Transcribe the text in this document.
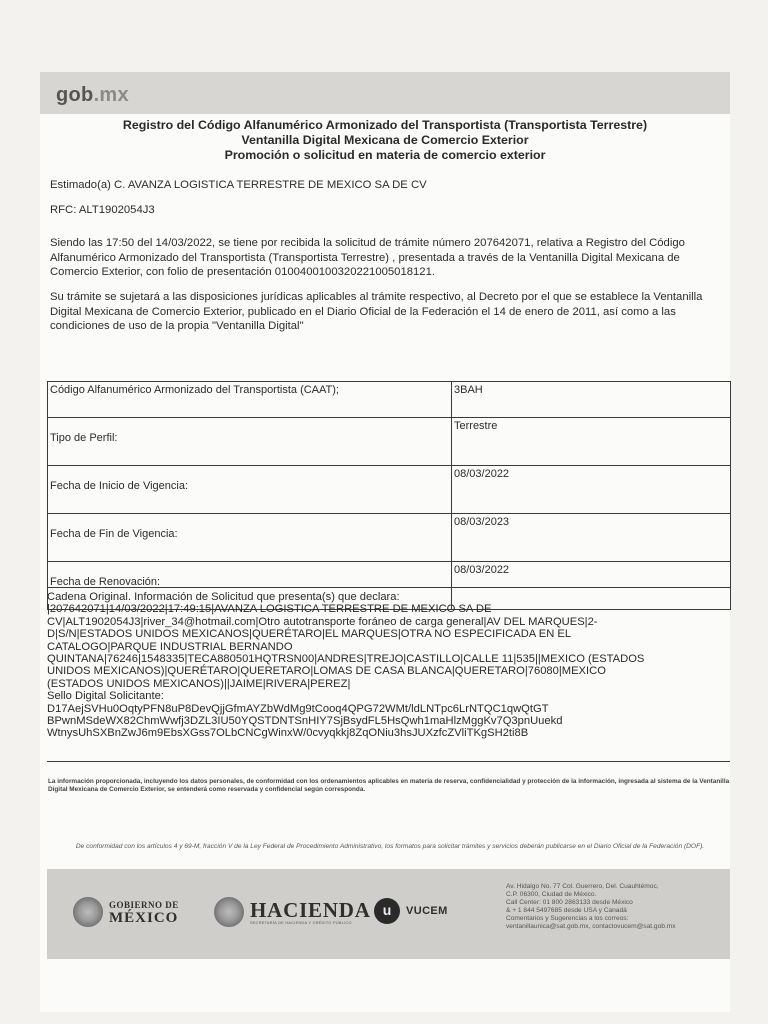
gob.mx
Registro del Código Alfanumérico Armonizado del Transportista (Transportista Terrestre)
Ventanilla Digital Mexicana de Comercio Exterior
Promoción o solicitud en materia de comercio exterior
Estimado(a) C. AVANZA LOGISTICA TERRESTRE DE MEXICO SA DE CV
RFC: ALT1902054J3
Siendo las 17:50 del 14/03/2022, se tiene por recibida la solicitud de trámite número 207642071, relativa a Registro del Código Alfanumérico Armonizado del Transportista (Transportista Terrestre) , presentada a través de la Ventanilla Digital Mexicana de Comercio Exterior, con folio de presentación 0100400100320221005018121.
Su trámite se sujetará a las disposiciones jurídicas aplicables al trámite respectivo, al Decreto por el que se establece la Ventanilla Digital Mexicana de Comercio Exterior, publicado en el Diario Oficial de la Federación el 14 de enero de 2011, así como a las condiciones de uso de la propia "Ventanilla Digital"
Código Alfanumérico Armonizado del Transportista (CAAT);	3BAH
Tipo de Perfil:	Terrestre
Fecha de Inicio de Vigencia:	08/03/2022
Fecha de Fin de Vigencia:	08/03/2023
Fecha de Renovación:	08/03/2022
Cadena Original. Información de Solicitud que presenta(s) que declara:
|207642071|14/03/2022|17:49:15|AVANZA LOGISTICA TERRESTRE DE MEXICO SA DE
CV|ALT1902054J3|river_34@hotmail.com|Otro autotransporte foráneo de carga general|AV DEL MARQUES|2-
D|S/N|ESTADOS UNIDOS MEXICANOS|QUERÉTARO|EL MARQUES|OTRA NO ESPECIFICADA EN EL
CATALOGO|PARQUE INDUSTRIAL BERNANDO
QUINTANA|76246|1548335|TECA880501HQTRSN00|ANDRES|TREJO|CASTILLO|CALLE 11|535||MEXICO (ESTADOS
UNIDOS MEXICANOS)|QUERÉTARO|QUERETARO|LOMAS DE CASA BLANCA|QUERETARO|76080|MEXICO
(ESTADOS UNIDOS MEXICANOS)||JAIME|RIVERA|PEREZ|
Sello Digital Solicitante:
D17AejSVHu0OqtyPFN8uP8DevQjjGfmAYZbWdMg9tCooq4QPG72WMt/ldLNTpc6LrNTQC1qwQtGT
BPwnMSdeWX82ChmWwfj3DZL3IU50YQSTDNTSnHIY7SjBsydFL5HsQwh1maHlzMggKv7Q3pnUuekd
WtnysUhSXBnZwJ6m9EbsXGss7OLbCNCgWinxW/0cvyqkkj8ZqONiu3hsJUXzfcZVliTKgSH2ti8B
La información proporcionada, incluyendo los datos personales, de conformidad con los ordenamientos aplicables en materia de reserva, confidencialidad y protección de la información, ingresada al sistema de la Ventanilla Digital Mexicana de Comercio Exterior, se entenderá como reservada y confidencial según corresponda.
De conformidad con los artículos 4 y 69-M, fracción V de la Ley Federal de Procedimiento Administrativo, los formatos para solicitar trámites y servicios deberán publicarse en el Diario Oficial de la Federación (DOF).
GOBIERNO DE
MÉXICO	HACIENDA
SECRETARÍA DE HACIENDA Y CRÉDITO PÚBLICO
u	VUCEM
Av. Hidalgo No. 77 Col. Guerrero, Del. Cuauhtémoc,
C.P. 06300, Ciudad de México.
Call Center: 01 800 2863133 desde México
& + 1 844 5497685 desde USA y Canadá
Comentarios y Sugerencias a los correos:
ventanillaunica@sat.gob.mx, contactovucem@sat.gob.mx
